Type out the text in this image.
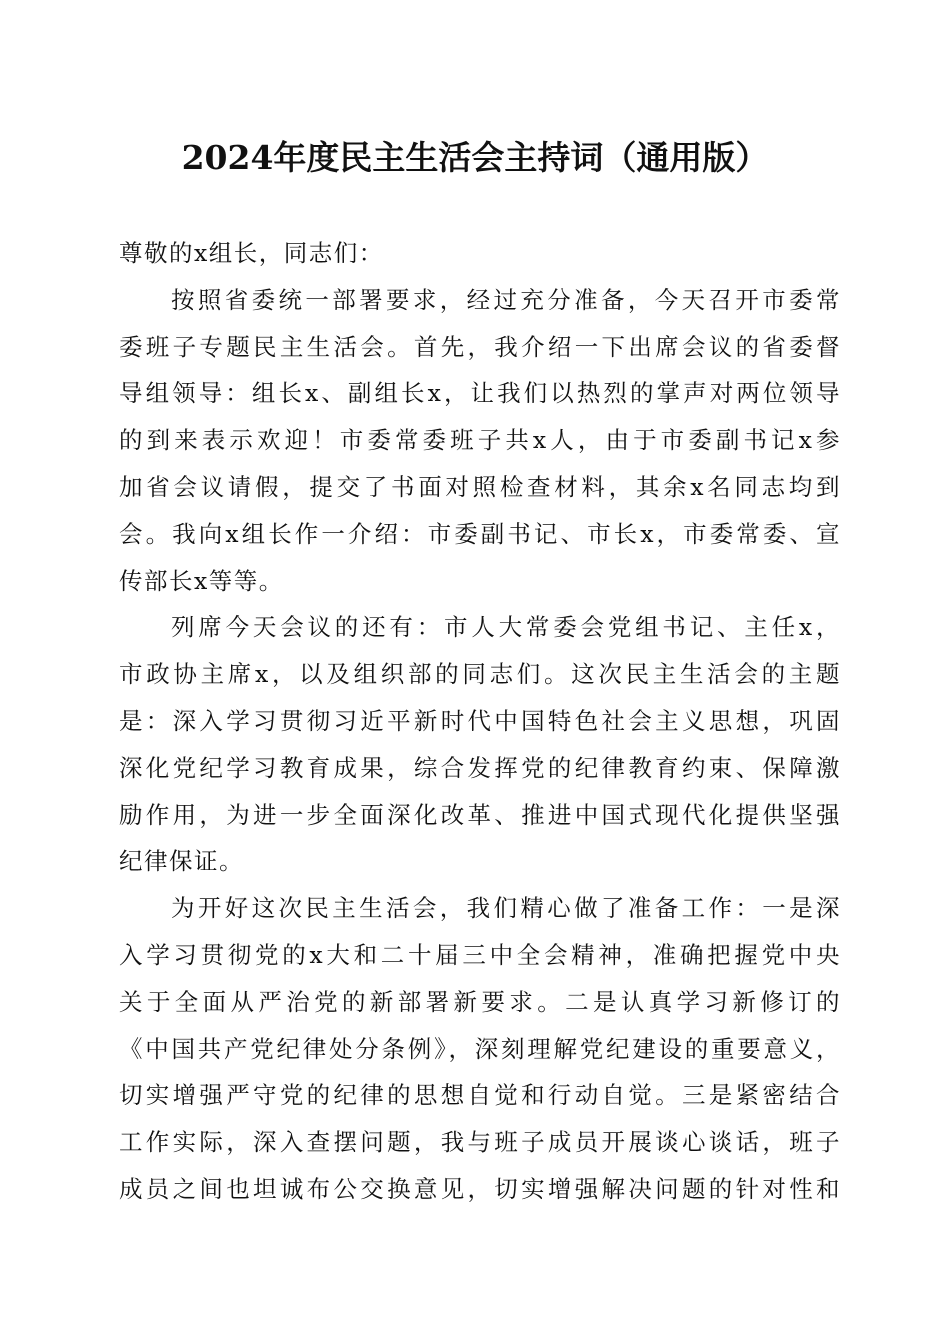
2024年度民主生活会主持词（通用版）
尊敬的x组长，同志们：
按照省委统一部署要求，经过充分准备，今天召开市委常
委班子专题民主生活会。首先，我介绍一下出席会议的省委督
导组领导：组长x、副组长x，让我们以热烈的掌声对两位领导
的到来表示欢迎！市委常委班子共x人，由于市委副书记x参
加省会议请假，提交了书面对照检查材料，其余x名同志均到
会。我向x组长作一介绍：市委副书记、市长x，市委常委、宣
传部长x等等。
列席今天会议的还有：市人大常委会党组书记、主任x，
市政协主席x，以及组织部的同志们。这次民主生活会的主题
是：深入学习贯彻习近平新时代中国特色社会主义思想，巩固
深化党纪学习教育成果，综合发挥党的纪律教育约束、保障激
励作用，为进一步全面深化改革、推进中国式现代化提供坚强
纪律保证。
为开好这次民主生活会，我们精心做了准备工作：一是深
入学习贯彻党的x大和二十届三中全会精神，准确把握党中央
关于全面从严治党的新部署新要求。二是认真学习新修订的
《中国共产党纪律处分条例》，深刻理解党纪建设的重要意义，
切实增强严守党的纪律的思想自觉和行动自觉。三是紧密结合
工作实际，深入查摆问题，我与班子成员开展谈心谈话，班子
成员之间也坦诚布公交换意见，切实增强解决问题的针对性和
